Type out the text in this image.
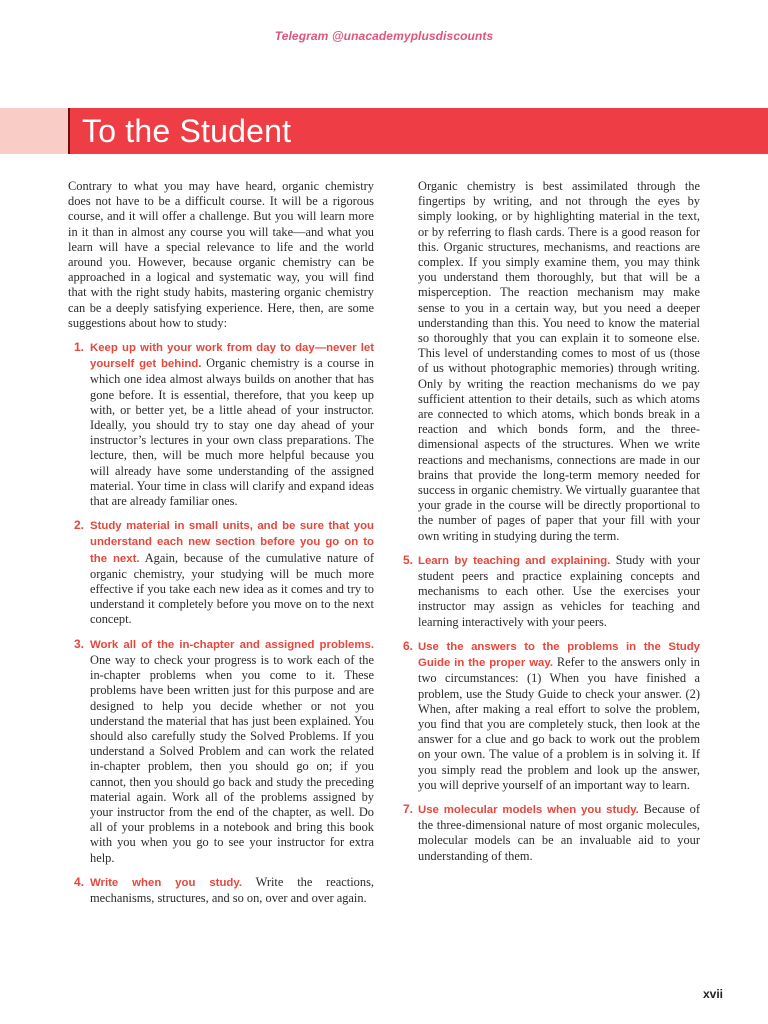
Telegram @unacademyplusdiscounts
To the Student

Contrary to what you may have heard, organic chemistry does not have to be a difficult course. It will be a rigorous course, and it will offer a challenge. But you will learn more in it than in almost any course you will take—and what you learn will have a special relevance to life and the world around you. However, because organic chemistry can be approached in a logical and systematic way, you will find that with the right study habits, mastering organic chemistry can be a deeply satisfying experience. Here, then, are some suggestions about how to study:

1. Keep up with your work from day to day—never let yourself get behind. Organic chemistry is a course in which one idea almost always builds on another that has gone before. It is essential, therefore, that you keep up with, or better yet, be a little ahead of your instructor. Ideally, you should try to stay one day ahead of your instructor’s lectures in your own class preparations. The lecture, then, will be much more helpful because you will already have some understanding of the assigned material. Your time in class will clarify and expand ideas that are already familiar ones.
2. Study material in small units, and be sure that you understand each new section before you go on to the next. Again, because of the cumulative nature of organic chemistry, your studying will be much more effective if you take each new idea as it comes and try to understand it completely before you move on to the next concept.
3. Work all of the in-chapter and assigned problems. One way to check your progress is to work each of the in-chapter problems when you come to it. These problems have been written just for this purpose and are designed to help you decide whether or not you understand the material that has just been explained. You should also carefully study the Solved Problems. If you understand a Solved Problem and can work the related in-chapter problem, then you should go on; if you cannot, then you should go back and study the preceding material again. Work all of the problems assigned by your instructor from the end of the chapter, as well. Do all of your problems in a notebook and bring this book with you when you go to see your instructor for extra help.
4. Write when you study. Write the reactions, mechanisms, structures, and so on, over and over again.

Organic chemistry is best assimilated through the fingertips by writing, and not through the eyes by simply looking, or by highlighting material in the text, or by referring to flash cards. There is a good reason for this. Organic structures, mechanisms, and reactions are complex. If you simply examine them, you may think you understand them thoroughly, but that will be a misperception. The reaction mechanism may make sense to you in a certain way, but you need a deeper understanding than this. You need to know the material so thoroughly that you can explain it to someone else. This level of understanding comes to most of us (those of us without photographic memories) through writing. Only by writing the reaction mechanisms do we pay sufficient attention to their details, such as which atoms are connected to which atoms, which bonds break in a reaction and which bonds form, and the three-dimensional aspects of the structures. When we write reactions and mechanisms, connections are made in our brains that provide the long-term memory needed for success in organic chemistry. We virtually guarantee that your grade in the course will be directly proportional to the number of pages of paper that your fill with your own writing in studying during the term.

5. Learn by teaching and explaining. Study with your student peers and practice explaining concepts and mechanisms to each other. Use the exercises your instructor may assign as vehicles for teaching and learning interactively with your peers.
6. Use the answers to the problems in the Study Guide in the proper way. Refer to the answers only in two circumstances: (1) When you have finished a problem, use the Study Guide to check your answer. (2) When, after making a real effort to solve the problem, you find that you are completely stuck, then look at the answer for a clue and go back to work out the problem on your own. The value of a problem is in solving it. If you simply read the problem and look up the answer, you will deprive yourself of an important way to learn.
7. Use molecular models when you study. Because of the three-dimensional nature of most organic molecules, molecular models can be an invaluable aid to your understanding of them.
xvii
